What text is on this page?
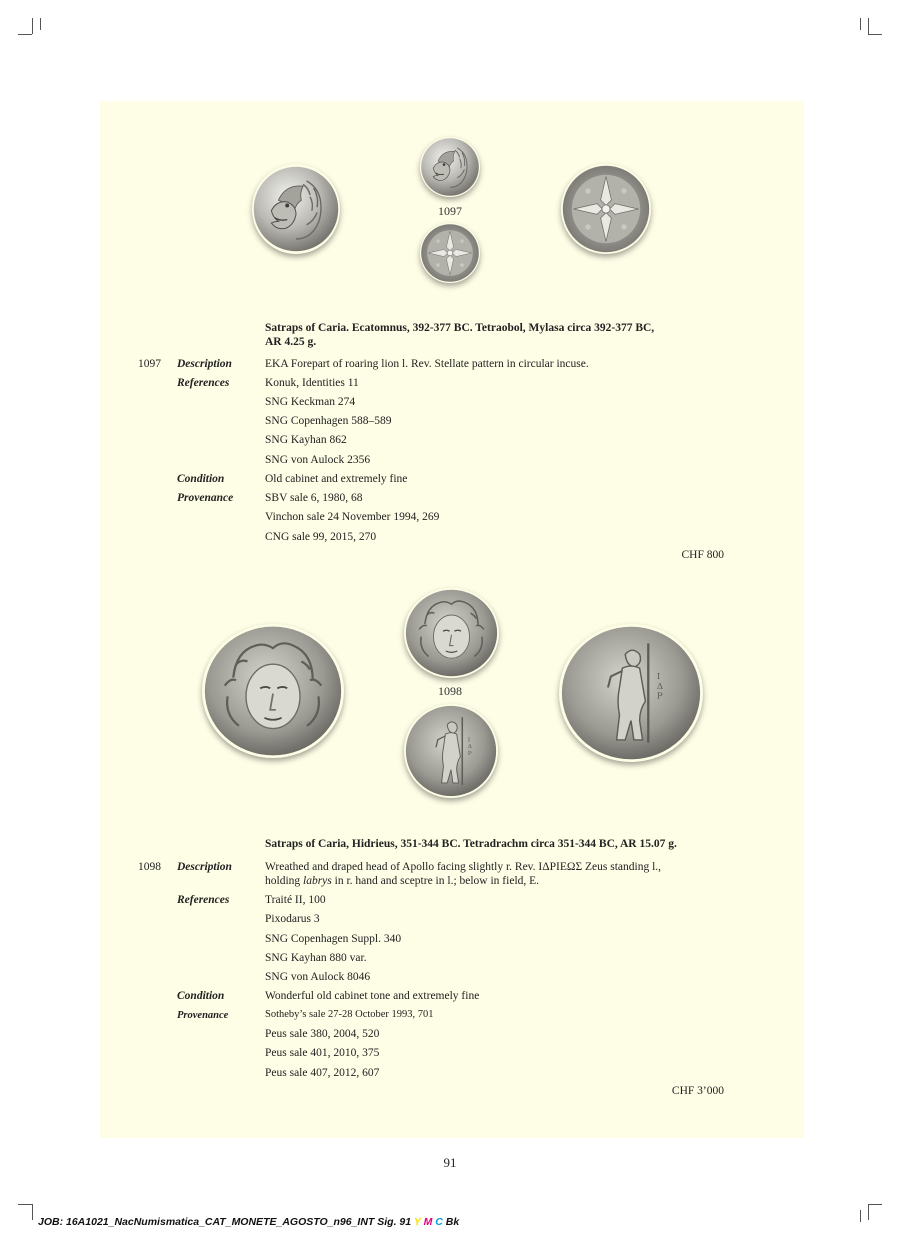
1097
Satraps of Caria. Ecatomnus, 392-377 BC. Tetraobol, Mylasa circa 392-377 BC,
AR 4.25 g.
1097 Description	EKA Forepart of roaring lion l. Rev. Stellate pattern in circular incuse.
References	Konuk, Identities 11
SNG Keckman 274
SNG Copenhagen 588–589
SNG Kayhan 862
SNG von Aulock 2356
Condition	Old cabinet and extremely fine
Provenance	SBV sale 6, 1980, 68
Vinchon sale 24 November 1994, 269
CNG sale 99, 2015, 270
CHF 800
1098
Satraps of Caria, Hidrieus, 351-344 BC. Tetradrachm circa 351-344 BC, AR 15.07 g.
1098 Description	Wreathed and draped head of Apollo facing slightly r. Rev. ΙΔΡΙΕΩΣ Zeus standing l.,
holding labrys in r. hand and sceptre in l.; below in field, E.
References	Traité II, 100
Pixodarus 3
SNG Copenhagen Suppl. 340
SNG Kayhan 880 var.
SNG von Aulock 8046
Condition	Wonderful old cabinet tone and extremely fine
Provenance	Sotheby’s sale 27-28 October 1993, 701
Peus sale 380, 2004, 520
Peus sale 401, 2010, 375
Peus sale 407, 2012, 607
CHF 3’000
91
JOB: 16A1021_NacNumismatica_CAT_MONETE_AGOSTO_n96_INT Sig. 91 Y M C Bk
